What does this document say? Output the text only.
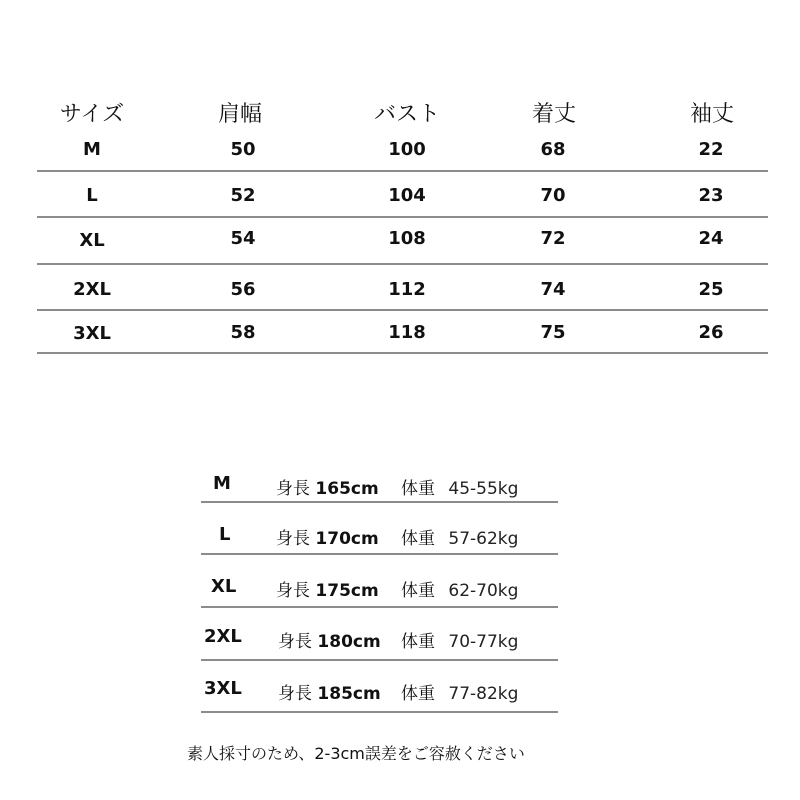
サイズ	肩幅	バスト	着丈	袖丈
M	50	100	68	22
L	52	104	70	23
XL	54	108	72	24
2XL	56	112	74	25
3XL	58	118	75	26
M	身長 165cm 体重 45-55kg
L	身長 170cm 体重 57-62kg
XL 身長 175cm 体重 62-70kg
2XL 身長 180cm 体重 70-77kg
3XL 身長 185cm 体重 77-82kg
素人採寸のため、2-3cm誤差をご容赦ください
